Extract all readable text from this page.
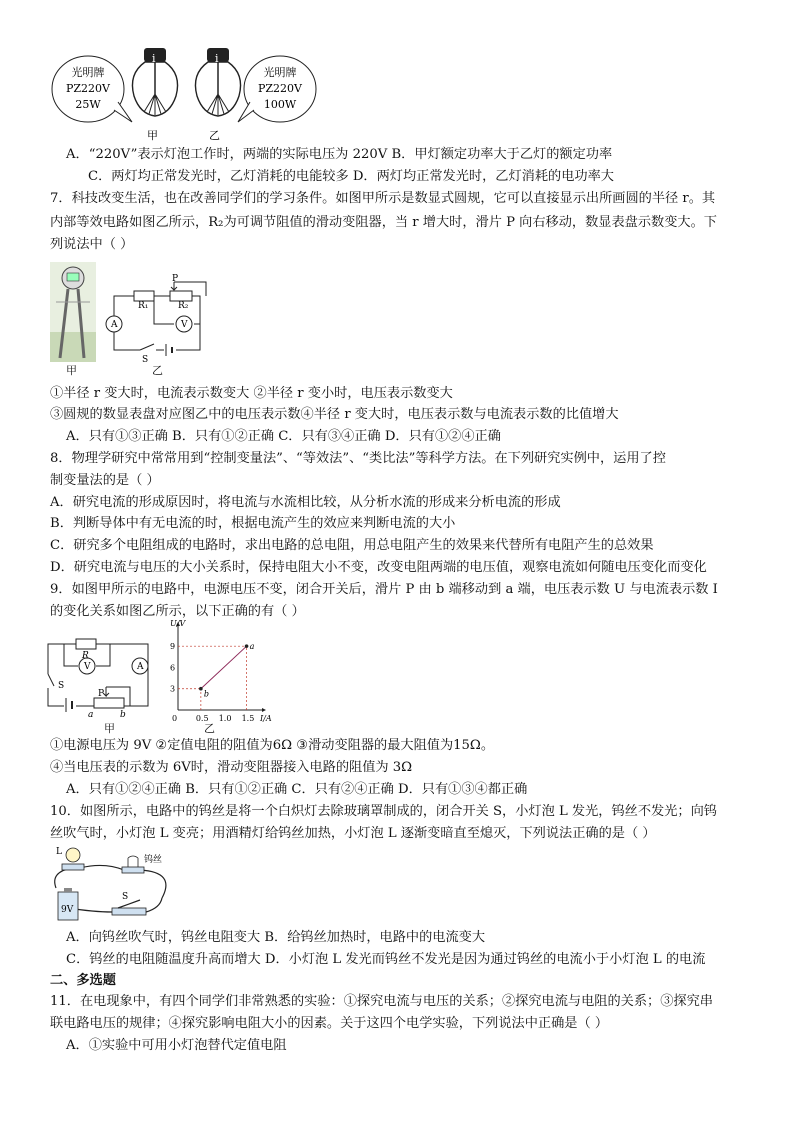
光明牌
PZ220V
25W
i
甲
i
乙
光明牌
PZ220V
100W
A．“220V”表示灯泡工作时，两端的实际电压为 220V B．甲灯额定功率大于乙灯的额定功率
C．两灯均正常发光时，乙灯消耗的电能较多 D．两灯均正常发光时，乙灯消耗的电功率大
7．科技改变生活，也在改善同学们的学习条件。如图甲所示是数显式圆规，它可以直接显示出所画圆的半径 r。其
内部等效电路如图乙所示，R₂为可调节阻值的滑动变阻器，当 r 增大时，滑片 P 向右移动，数显表盘示数变大。下
列说法中（ ）
甲
P
R₁	R₂
A	V
S
乙
①半径 r 变大时，电流表示数变大 ②半径 r 变小时，电压表示数变大
③圆规的数显表盘对应图乙中的电压表示数④半径 r 变大时，电压表示数与电流表示数的比值增大
A．只有①③正确 B．只有①②正确 C．只有③④正确 D．只有①②④正确
8．物理学研究中常常用到“控制变量法”、“等效法”、“类比法”等科学方法。在下列研究实例中，运用了控
制变量法的是（ ）
A．研究电流的形成原因时，将电流与水流相比较，从分析水流的形成来分析电流的形成
B．判断导体中有无电流的时，根据电流产生的效应来判断电流的大小
C．研究多个电阻组成的电路时，求出电路的总电阻，用总电阻产生的效果来代替所有电阻产生的总效果
D．研究电流与电压的大小关系时，保持电阻大小不变，改变电阻两端的电压值，观察电流如何随电压变化而变化
9．如图甲所示的电路中，电源电压不变，闭合开关后，滑片 P 由 b 端移动到 a 端，电压表示数 U 与电流表示数 I
的变化关系如图乙所示，以下正确的有（ ）
R
V	A
S
P
a	b
甲
U/V
I/A
0 0.5 1.0 1.5
3
6
9
b
a
乙
①电源电压为 9V ②定值电阻的阻值为6Ω ③滑动变阻器的最大阻值为15Ω。
④当电压表的示数为 6V时，滑动变阻器接入电路的阻值为 3Ω
A．只有①②④正确 B．只有①②正确 C．只有②④正确 D．只有①③④都正确
10．如图所示，电路中的钨丝是将一个白炽灯去除玻璃罩制成的，闭合开关 S，小灯泡 L 发光，钨丝不发光；向钨
丝吹气时，小灯泡 L 变亮；用酒精灯给钨丝加热，小灯泡 L 逐渐变暗直至熄灭，下列说法正确的是（ ）
L
钨丝
S
9V
A．向钨丝吹气时，钨丝电阻变大 B．给钨丝加热时，电路中的电流变大
C．钨丝的电阻随温度升高而增大 D．小灯泡 L 发光而钨丝不发光是因为通过钨丝的电流小于小灯泡 L 的电流
二、多选题
11．在电现象中，有四个同学们非常熟悉的实验：①探究电流与电压的关系；②探究电流与电阻的关系；③探究串
联电路电压的规律；④探究影响电阻大小的因素。关于这四个电学实验，下列说法中正确是（ ）
A．①实验中可用小灯泡替代定值电阻
